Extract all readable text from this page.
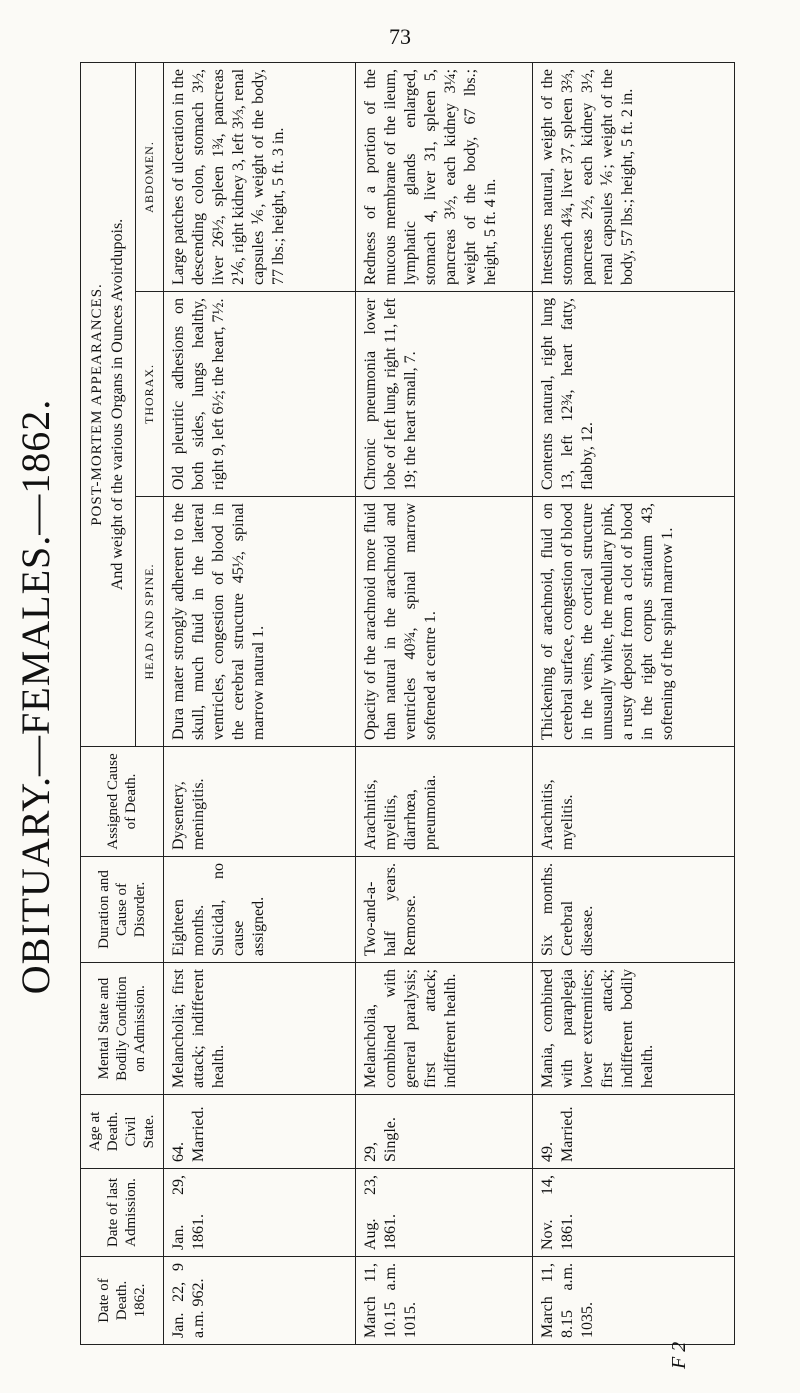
73
OBITUARY.—FEMALES.—1862.
Date of Death. 1862.	Date of last Admission.	Age at Death. Civil State.	Mental State and Bodily Condition on Admission.	Duration and Cause of Disorder.	Assigned Cause of Death.	POST-MORTEM APPEARANCES. And weight of the various Organs in Ounces Avoirdupois.		

						HEAD AND SPINE.	THORAX.	ABDOMEN.
Jan. 22, 9 a.m. 962.	Jan. 29, 1861.	64. Married.	Melancholia; first attack; indifferent health.	Eighteen months. Suicidal, no cause assigned.	Dysentery, meningitis.	Dura mater strongly adherent to the skull, much fluid in the lateral ventricles, congestion of blood in the cerebral structure 45½, spinal marrow natural 1.	Old pleuritic adhesions on both sides, lungs healthy, right 9, left 6½; the heart, 7½.	Large patches of ulceration in the descending colon, stomach 3½, liver 26½, spleen 1¾, pancreas 2⅙, right kidney 3, left 3⅓, renal capsules ⅙, weight of the body, 77 lbs.; height, 5 ft. 3 in.
March 11, 10.15 a.m. 1015.	Aug. 23, 1861.	29, Single.	Melancholia, combined with general paralysis; first attack; indifferent health.	Two-and-a-half years. Remorse.	Arachnitis, myelitis, diarrhœa, pneumonia.	Opacity of the arachnoid more fluid than natural in the arachnoid and ventricles 40¾, spinal marrow softened at centre 1.	Chronic pneumonia lower lobe of left lung, right 11, left 19; the heart small, 7.	Redness of a portion of the mucous membrane of the ileum, lymphatic glands enlarged, stomach 4, liver 31, spleen 5, pancreas 3½, each kidney 3¼; weight of the body, 67 lbs.; height, 5 ft. 4 in.
March 11, 8.15 a.m. 1035.	Nov. 14, 1861.	49. Married.	Mania, combined with paraplegia lower extremities; first attack; indifferent bodily health.	Six months. Cerebral disease.	Arachnitis, myelitis.	Thickening of arachnoid, fluid on cerebral surface, congestion of blood in the veins, the cortical structure unusually white, the medullary pink, a rusty deposit from a clot of blood in the right corpus striatum 43, softening of the spinal marrow 1.	Contents natural, right lung 13, left 12¾, heart fatty, flabby, 12.	Intestines natural, weight of the stomach 4¾, liver 37, spleen 3⅔, pancreas 2½, each kidney 3½, renal capsules ⅙; weight of the body, 57 lbs.; height, 5 ft. 2 in.
F 2
